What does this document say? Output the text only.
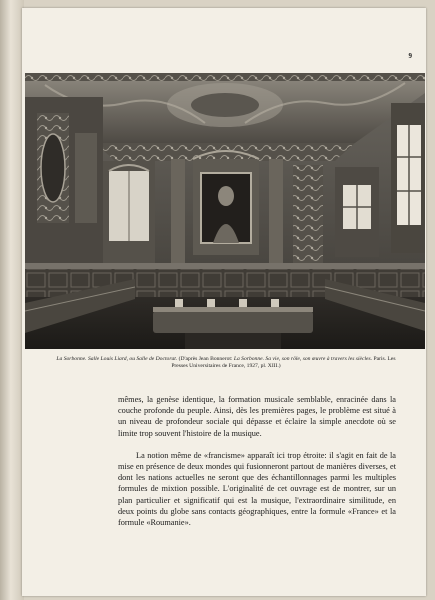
9
La Sorbonne. Salle Louis Liard, ou Salle de Doctorat. (D'après Jean Bonnerot: La Sorbonne. Sa vie, son rôle, son œuvre à travers les siècles. Paris. Les Presses Universitaires de France, 1927, pl. XIII.)

mêmes, la genèse identique, la formation musicale semblable, enracinée dans la couche profonde du peuple. Ainsi, dès les premières pages, le problème est situé à un niveau de profondeur sociale qui dépasse et éclaire la simple anecdote où se limite trop souvent l'histoire de la musique.

La notion même de «francisme» apparaît ici trop étroite: il s'agit en fait de la mise en présence de deux mondes qui fusionneront partout de manières diverses, et dont les nations actuelles ne seront que des échantillonnages parmi les multiples formules de mixtion possible. L'originalité de cet ouvrage est de montrer, sur un plan particulier et significatif qui est la musique, l'extraordinaire similitude, en deux points du globe sans contacts géographiques, entre la formule «France» et la formule «Roumanie».
